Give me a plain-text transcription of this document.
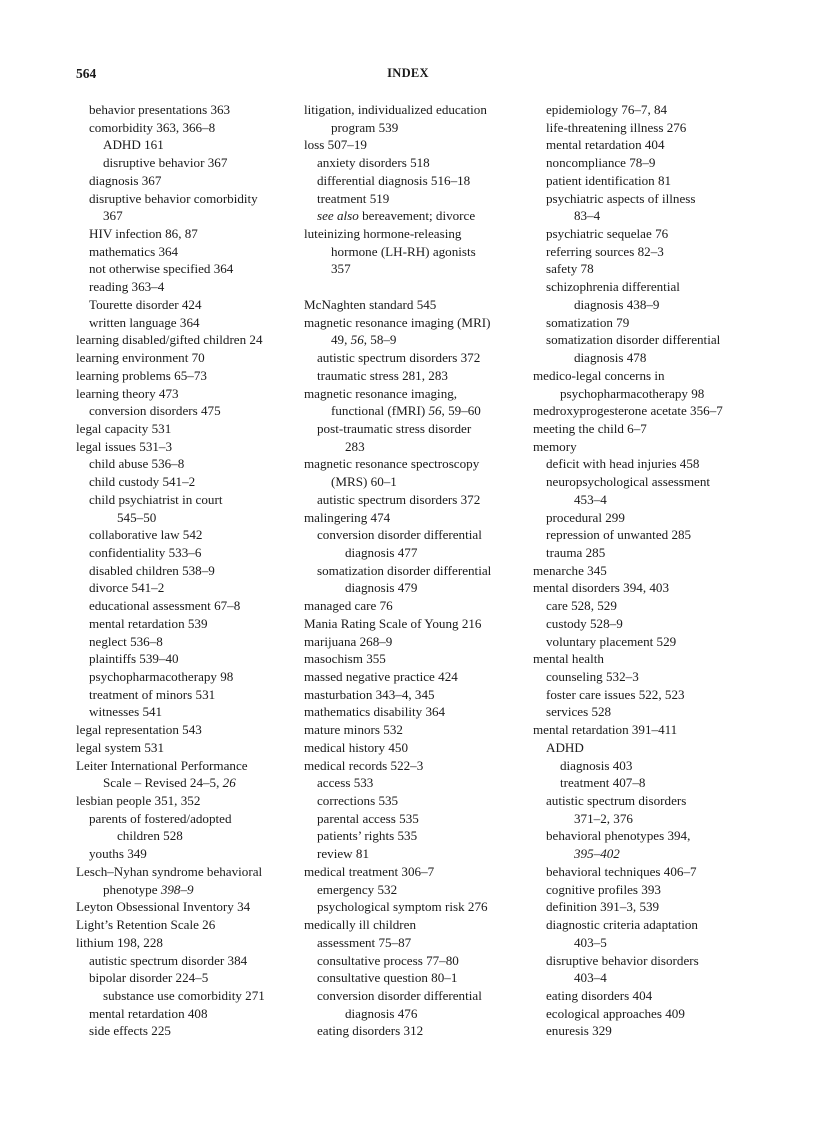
564	INDEX
behavior presentations 363
comorbidity 363, 366–8
ADHD 161
disruptive behavior 367
diagnosis 367
disruptive behavior comorbidity
367
HIV infection 86, 87
mathematics 364
not otherwise specified 364
reading 363–4
Tourette disorder 424
written language 364
learning disabled/gifted children 24
learning environment 70
learning problems 65–73
learning theory 473
conversion disorders 475
legal capacity 531
legal issues 531–3
child abuse 536–8
child custody 541–2
child psychiatrist in court
545–50
collaborative law 542
confidentiality 533–6
disabled children 538–9
divorce 541–2
educational assessment 67–8
mental retardation 539
neglect 536–8
plaintiffs 539–40
psychopharmacotherapy 98
treatment of minors 531
witnesses 541
legal representation 543
legal system 531
Leiter International Performance
Scale – Revised 24–5, 26
lesbian people 351, 352
parents of fostered/adopted
children 528
youths 349
Lesch–Nyhan syndrome behavioral
phenotype 398–9
Leyton Obsessional Inventory 34
Light’s Retention Scale 26
lithium 198, 228
autistic spectrum disorder 384
bipolar disorder 224–5
substance use comorbidity 271
mental retardation 408
side effects 225
litigation, individualized education
program 539
loss 507–19
anxiety disorders 518
differential diagnosis 516–18
treatment 519
see also bereavement; divorce
luteinizing hormone-releasing
hormone (LH-RH) agonists
357
McNaghten standard 545
magnetic resonance imaging (MRI)
49, 56, 58–9
autistic spectrum disorders 372
traumatic stress 281, 283
magnetic resonance imaging,
functional (fMRI) 56, 59–60
post-traumatic stress disorder
283
magnetic resonance spectroscopy
(MRS) 60–1
autistic spectrum disorders 372
malingering 474
conversion disorder differential
diagnosis 477
somatization disorder differential
diagnosis 479
managed care 76
Mania Rating Scale of Young 216
marijuana 268–9
masochism 355
massed negative practice 424
masturbation 343–4, 345
mathematics disability 364
mature minors 532
medical history 450
medical records 522–3
access 533
corrections 535
parental access 535
patients’ rights 535
review 81
medical treatment 306–7
emergency 532
psychological symptom risk 276
medically ill children
assessment 75–87
consultative process 77–80
consultative question 80–1
conversion disorder differential
diagnosis 476
eating disorders 312
epidemiology 76–7, 84
life-threatening illness 276
mental retardation 404
noncompliance 78–9
patient identification 81
psychiatric aspects of illness
83–4
psychiatric sequelae 76
referring sources 82–3
safety 78
schizophrenia differential
diagnosis 438–9
somatization 79
somatization disorder differential
diagnosis 478
medico-legal concerns in
psychopharmacotherapy 98
medroxyprogesterone acetate 356–7
meeting the child 6–7
memory
deficit with head injuries 458
neuropsychological assessment
453–4
procedural 299
repression of unwanted 285
trauma 285
menarche 345
mental disorders 394, 403
care 528, 529
custody 528–9
voluntary placement 529
mental health
counseling 532–3
foster care issues 522, 523
services 528
mental retardation 391–411
ADHD
diagnosis 403
treatment 407–8
autistic spectrum disorders
371–2, 376
behavioral phenotypes 394,
395–402
behavioral techniques 406–7
cognitive profiles 393
definition 391–3, 539
diagnostic criteria adaptation
403–5
disruptive behavior disorders
403–4
eating disorders 404
ecological approaches 409
enuresis 329
